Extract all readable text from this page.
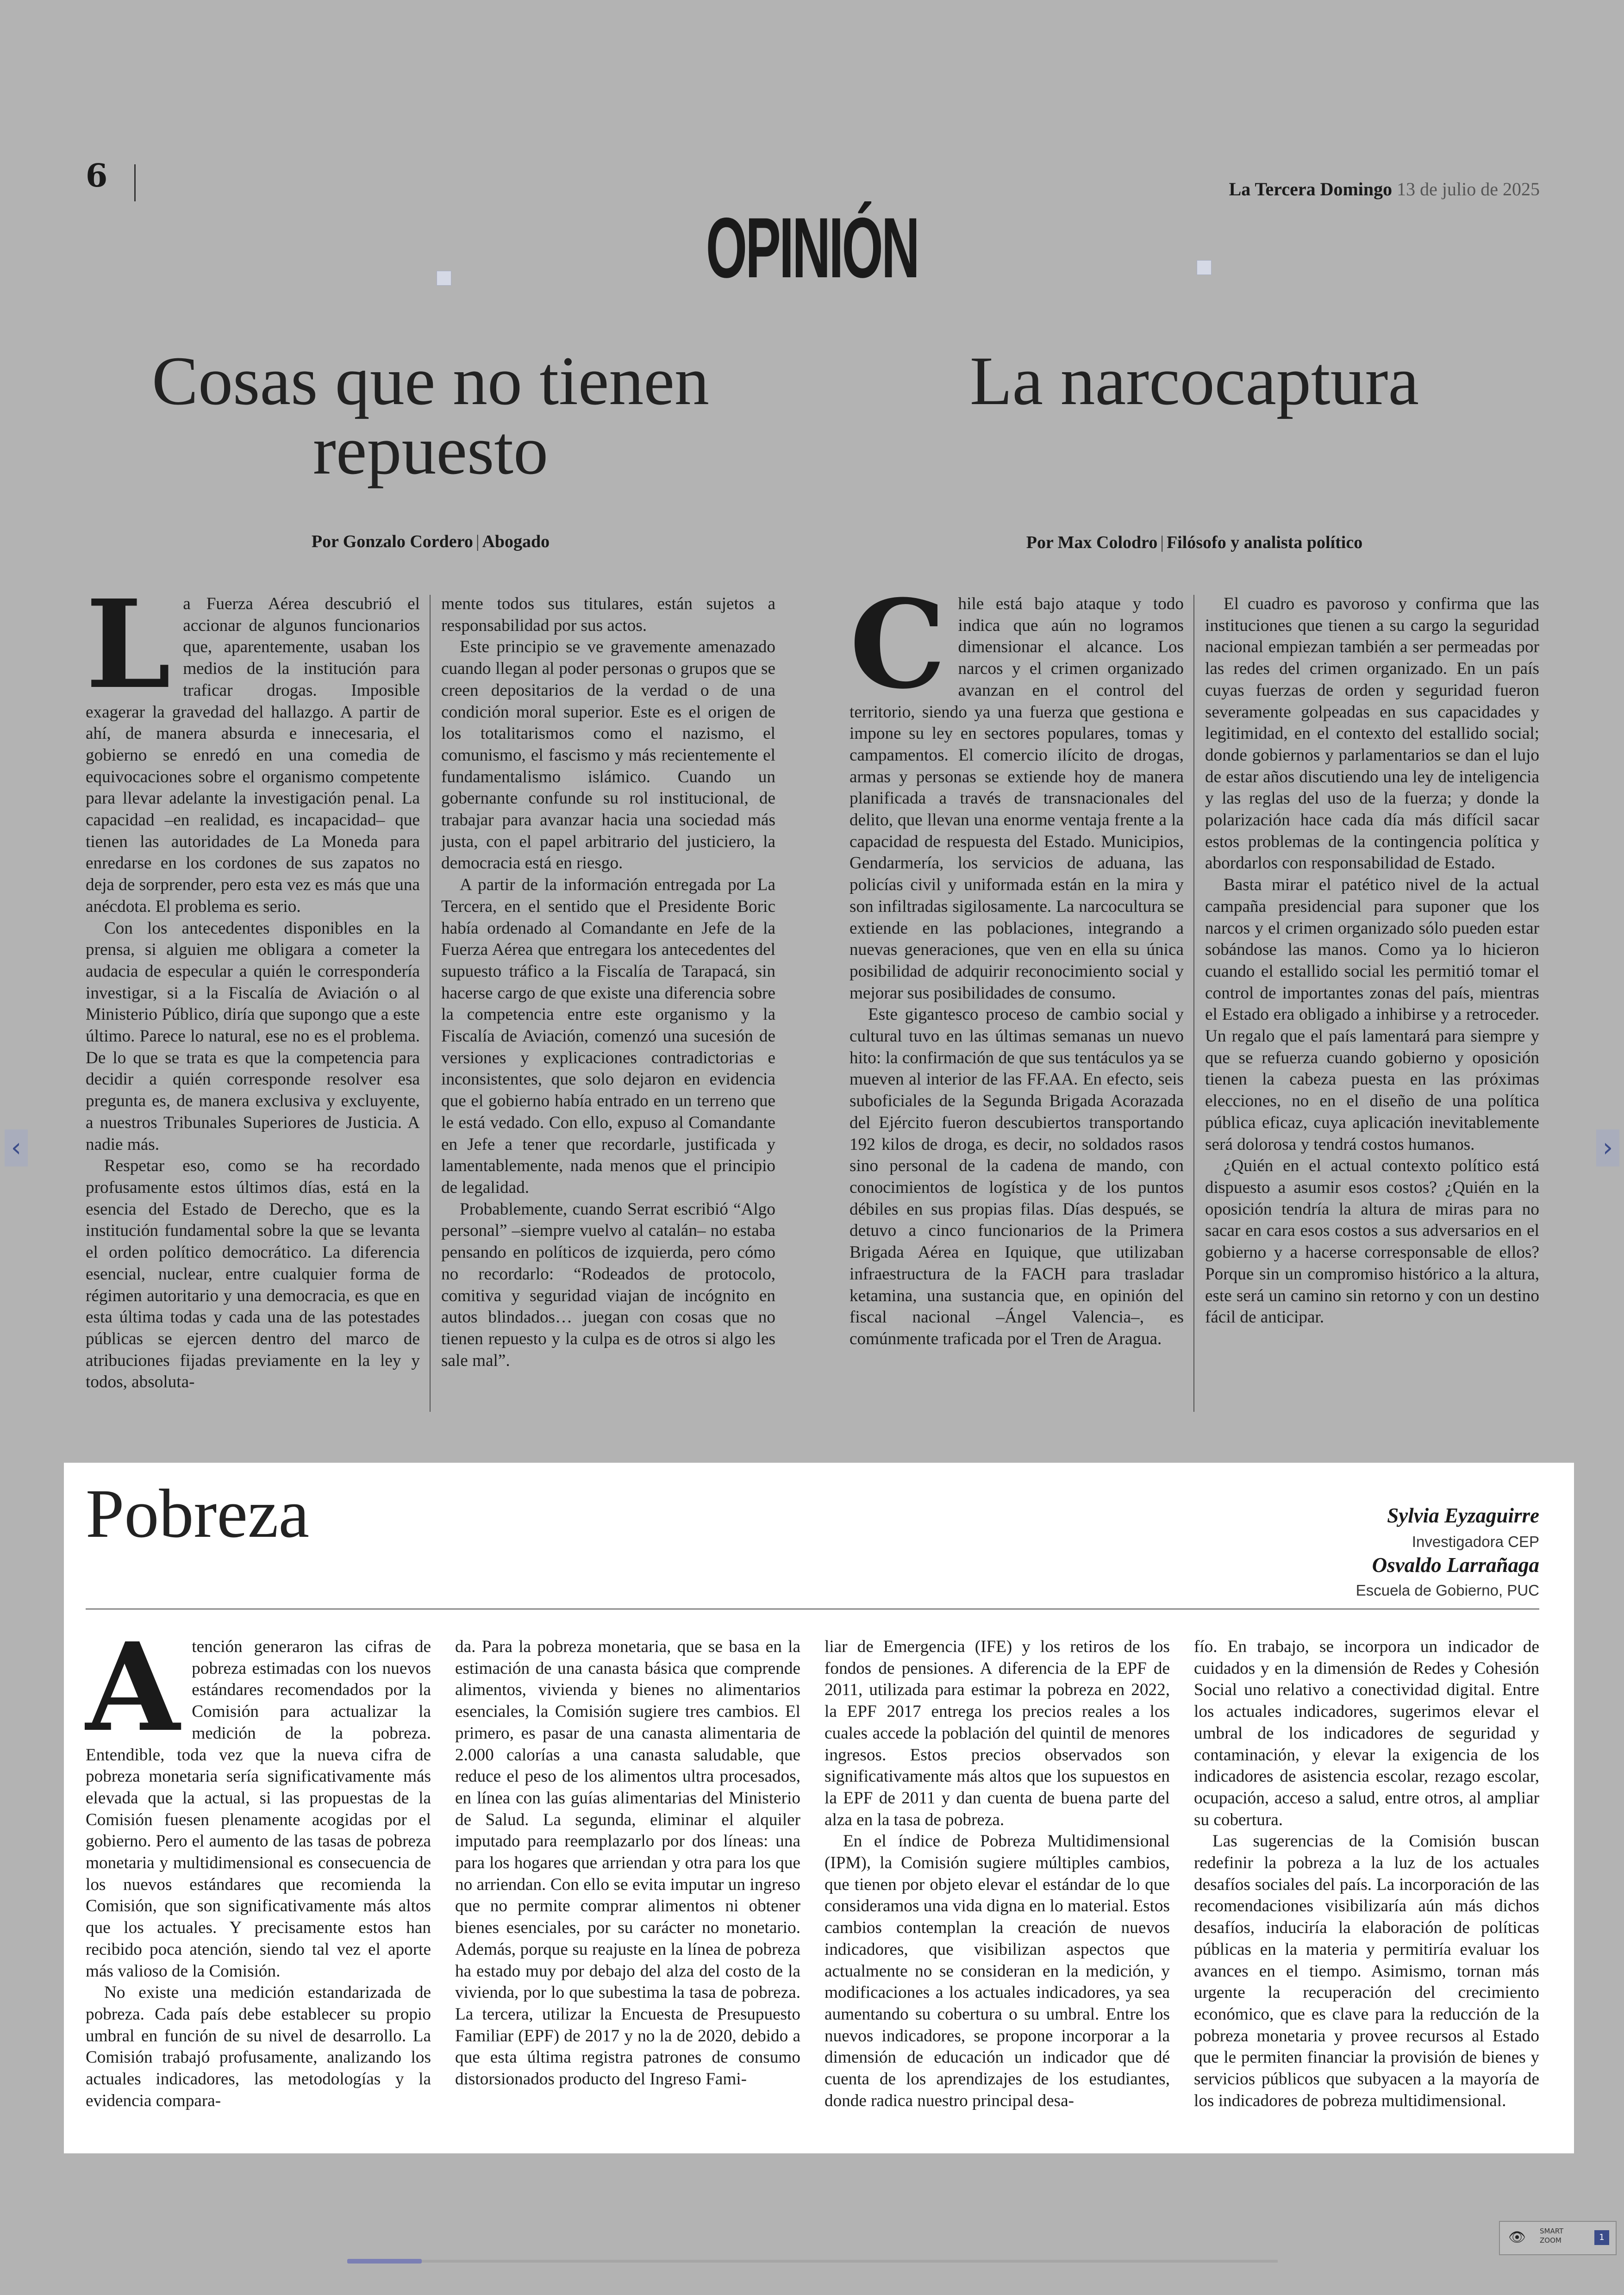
6	La Tercera Domingo 13 de julio de 2025
OPINIÓN
Cosas que no tienen
repuesto
Por Gonzalo Cordero | Abogado
L a Fuerza Aérea descubrió el accionar de algunos funcionarios que, aparentemente, usaban los medios de la institución para traficar drogas. Imposible exagerar la gravedad del hallazgo. A partir de ahí, de manera absurda e innecesaria, el gobierno se enredó en una comedia de equivocaciones sobre el organismo competente para llevar adelante la investigación penal. La capacidad –en realidad, es incapacidad– que tienen las autoridades de La Moneda para enredarse en los cordones de sus zapatos no deja de sorprender, pero esta vez es más que una anécdota. El problema es serio.

Con los antecedentes disponibles en la prensa, si alguien me obligara a cometer la audacia de especular a quién le correspondería investigar, si a la Fiscalía de Aviación o al Ministerio Público, diría que supongo que a este último. Parece lo natural, ese no es el problema. De lo que se trata es que la competencia para decidir a quién corresponde resolver esa pregunta es, de manera exclusiva y excluyente, a nuestros Tribunales Superiores de Justicia. A nadie más.

Respetar eso, como se ha recordado profusamente estos últimos días, está en la esencia del Estado de Derecho, que es la institución fundamental sobre la que se levanta el orden político democrático. La diferencia esencial, nuclear, entre cualquier forma de régimen autoritario y una democracia, es que en esta última todas y cada una de las potestades públicas se ejercen dentro del marco de atribuciones fijadas previamente en la ley y todos, absoluta-

mente todos sus titulares, están sujetos a responsabilidad por sus actos.

Este principio se ve gravemente amenazado cuando llegan al poder personas o grupos que se creen depositarios de la verdad o de una condición moral superior. Este es el origen de los totalitarismos como el nazismo, el comunismo, el fascismo y más recientemente el fundamentalismo islámico. Cuando un gobernante confunde su rol institucional, de trabajar para avanzar hacia una sociedad más justa, con el papel arbitrario del justiciero, la democracia está en riesgo.

A partir de la información entregada por La Tercera, en el sentido que el Presidente Boric había ordenado al Comandante en Jefe de la Fuerza Aérea que entregara los antecedentes del supuesto tráfico a la Fiscalía de Tarapacá, sin hacerse cargo de que existe una diferencia sobre la competencia entre este organismo y la Fiscalía de Aviación, comenzó una sucesión de versiones y explicaciones contradictorias e inconsistentes, que solo dejaron en evidencia que el gobierno había entrado en un terreno que le está vedado. Con ello, expuso al Comandante en Jefe a tener que recordarle, justificada y lamentablemente, nada menos que el principio de legalidad.

Probablemente, cuando Serrat escribió “Algo personal” –siempre vuelvo al catalán– no estaba pensando en políticos de izquierda, pero cómo no recordarlo: “Rodeados de protocolo, comitiva y seguridad viajan de incógnito en autos blindados… juegan con cosas que no tienen repuesto y la culpa es de otros si algo les sale mal”.

La narcocaptura
Por Max Colodro | Filósofo y analista político
C hile está bajo ataque y todo indica que aún no logramos dimensionar el alcance. Los narcos y el crimen organizado avanzan en el control del territorio, siendo ya una fuerza que gestiona e impone su ley en sectores populares, tomas y campamentos. El comercio ilícito de drogas, armas y personas se extiende hoy de manera planificada a través de transnacionales del delito, que llevan una enorme ventaja frente a la capacidad de respuesta del Estado. Municipios, Gendarmería, los servicios de aduana, las policías civil y uniformada están en la mira y son infiltradas sigilosamente. La narcocultura se extiende en las poblaciones, integrando a nuevas generaciones, que ven en ella su única posibilidad de adquirir reconocimiento social y mejorar sus posibilidades de consumo.

Este gigantesco proceso de cambio social y cultural tuvo en las últimas semanas un nuevo hito: la confirmación de que sus tentáculos ya se mueven al interior de las FF.AA. En efecto, seis suboficiales de la Segunda Brigada Acorazada del Ejército fueron descubiertos transportando 192 kilos de droga, es decir, no soldados rasos sino personal de la cadena de mando, con conocimientos de logística y de los puntos débiles en sus propias filas. Días después, se detuvo a cinco funcionarios de la Primera Brigada Aérea en Iquique, que utilizaban infraestructura de la FACH para trasladar ketamina, una sustancia que, en opinión del fiscal nacional –Ángel Valencia–, es comúnmente traficada por el Tren de Aragua.

El cuadro es pavoroso y confirma que las instituciones que tienen a su cargo la seguridad nacional empiezan también a ser permeadas por las redes del crimen organizado. En un país cuyas fuerzas de orden y seguridad fueron severamente golpeadas en sus capacidades y legitimidad, en el contexto del estallido social; donde gobiernos y parlamentarios se dan el lujo de estar años discutiendo una ley de inteligencia y las reglas del uso de la fuerza; y donde la polarización hace cada día más difícil sacar estos problemas de la contingencia política y abordarlos con responsabilidad de Estado.

Basta mirar el patético nivel de la actual campaña presidencial para suponer que los narcos y el crimen organizado sólo pueden estar sobándose las manos. Como ya lo hicieron cuando el estallido social les permitió tomar el control de importantes zonas del país, mientras el Estado era obligado a inhibirse y a retroceder. Un regalo que el país lamentará para siempre y que se refuerza cuando gobierno y oposición tienen la cabeza puesta en las próximas elecciones, no en el diseño de una política pública eficaz, cuya aplicación inevitablemente será dolorosa y tendrá costos humanos.

¿Quién en el actual contexto político está dispuesto a asumir esos costos? ¿Quién en la oposición tendría la altura de miras para no sacar en cara esos costos a sus adversarios en el gobierno y a hacerse corresponsable de ellos? Porque sin un compromiso histórico a la altura, este será un camino sin retorno y con un destino fácil de anticipar.

Pobreza	Sylvia Eyzaguirre
Investigadora CEP
Osvaldo Larrañaga
Escuela de Gobierno, PUC
A tención generaron las cifras de pobreza estimadas con los nuevos estándares recomendados por la Comisión para actualizar la medición de la pobreza. Entendible, toda vez que la nueva cifra de pobreza monetaria sería significativamente más elevada que la actual, si las propuestas de la Comisión fuesen plenamente acogidas por el gobierno. Pero el aumento de las tasas de pobreza monetaria y multidimensional es consecuencia de los nuevos estándares que recomienda la Comisión, que son significativamente más altos que los actuales. Y precisamente estos han recibido poca atención, siendo tal vez el aporte más valioso de la Comisión.

No existe una medición estandarizada de pobreza. Cada país debe establecer su propio umbral en función de su nivel de desarrollo. La Comisión trabajó profusamente, analizando los actuales indicadores, las metodologías y la evidencia compara-

da. Para la pobreza monetaria, que se basa en la estimación de una canasta básica que comprende alimentos, vivienda y bienes no alimentarios esenciales, la Comisión sugiere tres cambios. El primero, es pasar de una canasta alimentaria de 2.000 calorías a una canasta saludable, que reduce el peso de los alimentos ultra procesados, en línea con las guías alimentarias del Ministerio de Salud. La segunda, eliminar el alquiler imputado para reemplazarlo por dos líneas: una para los hogares que arriendan y otra para los que no arriendan. Con ello se evita imputar un ingreso que no permite comprar alimentos ni obtener bienes esenciales, por su carácter no monetario. Además, porque su reajuste en la línea de pobreza ha estado muy por debajo del alza del costo de la vivienda, por lo que subestima la tasa de pobreza. La tercera, utilizar la Encuesta de Presupuesto Familiar (EPF) de 2017 y no la de 2020, debido a que esta última registra patrones de consumo distorsionados producto del Ingreso Fami-

liar de Emergencia (IFE) y los retiros de los fondos de pensiones. A diferencia de la EPF de 2011, utilizada para estimar la pobreza en 2022, la EPF 2017 entrega los precios reales a los cuales accede la población del quintil de menores ingresos. Estos precios observados son significativamente más altos que los supuestos en la EPF de 2011 y dan cuenta de buena parte del alza en la tasa de pobreza.

En el índice de Pobreza Multidimensional (IPM), la Comisión sugiere múltiples cambios, que tienen por objeto elevar el estándar de lo que consideramos una vida digna en lo material. Estos cambios contemplan la creación de nuevos indicadores, que visibilizan aspectos que actualmente no se consideran en la medición, y modificaciones a los actuales indicadores, ya sea aumentando su cobertura o su umbral. Entre los nuevos indicadores, se propone incorporar a la dimensión de educación un indicador que dé cuenta de los aprendizajes de los estudiantes, donde radica nuestro principal desa-

fío. En trabajo, se incorpora un indicador de cuidados y en la dimensión de Redes y Cohesión Social uno relativo a conectividad digital. Entre los actuales indicadores, sugerimos elevar el umbral de los indicadores de seguridad y contaminación, y elevar la exigencia de los indicadores de asistencia escolar, rezago escolar, ocupación, acceso a salud, entre otros, al ampliar su cobertura.

Las sugerencias de la Comisión buscan redefinir la pobreza a la luz de los actuales desafíos sociales del país. La incorporación de las recomendaciones visibilizaría aún más dichos desafíos, induciría la elaboración de políticas públicas en la materia y permitiría evaluar los avances en el tiempo. Asimismo, tornan más urgente la recuperación del crecimiento económico, que es clave para la reducción de la pobreza monetaria y provee recursos al Estado que le permiten financiar la provisión de bienes y servicios públicos que subyacen a la mayoría de los indicadores de pobreza multidimensional.

‹	›
👁 SMART
ZOOM	1
